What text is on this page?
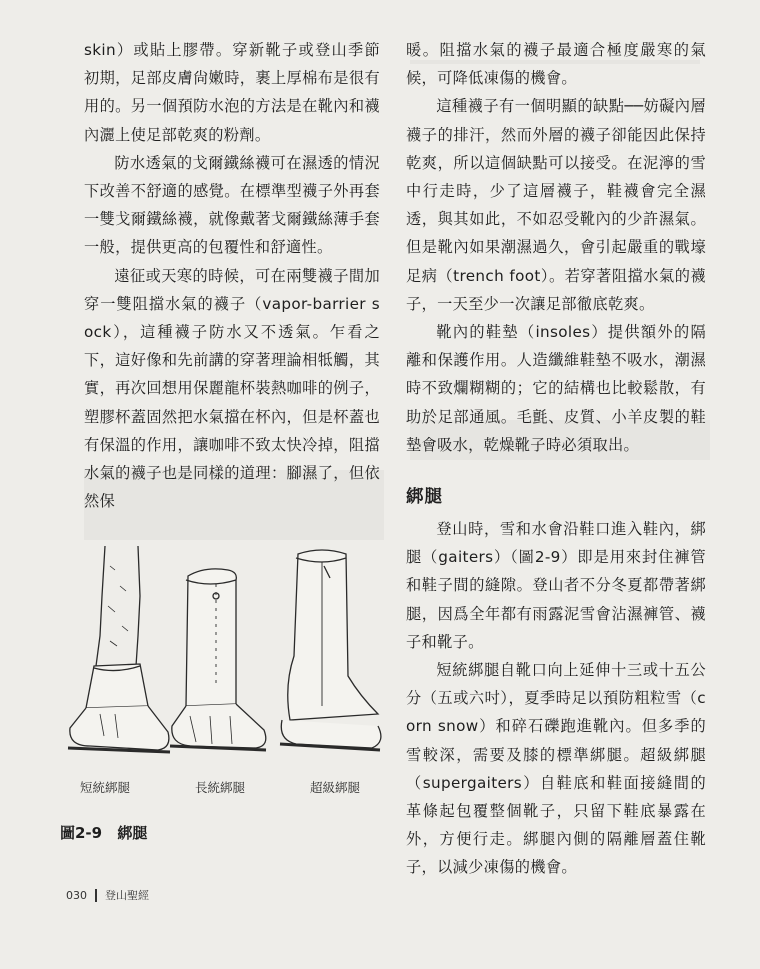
skin）或貼上膠帶。穿新靴子或登山季節初期，足部皮膚尙嫩時，裹上厚棉布是很有用的。另一個預防水泡的方法是在靴內和襪內灑上使足部乾爽的粉劑。

防水透氣的戈爾鐵絲襪可在濕透的情況下改善不舒適的感覺。在標準型襪子外再套一雙戈爾鐵絲襪，就像戴著戈爾鐵絲薄手套一般，提供更高的包覆性和舒適性。

遠征或天寒的時候，可在兩雙襪子間加穿一雙阻擋水氣的襪子（vapor-barrier sock），這種襪子防水又不透氣。乍看之下，這好像和先前講的穿著理論相牴觸，其實，再次回想用保麗龍杯裝熱咖啡的例子，塑膠杯蓋固然把水氣擋在杯內，但是杯蓋也有保溫的作用，讓咖啡不致太快冷掉，阻擋水氣的襪子也是同樣的道理：腳濕了，但依然保

暖。阻擋水氣的襪子最適合極度嚴寒的氣候，可降低凍傷的機會。

這種襪子有一個明顯的缺點──妨礙內層襪子的排汗，然而外層的襪子卻能因此保持乾爽，所以這個缺點可以接受。在泥濘的雪中行走時，少了這層襪子，鞋襪會完全濕透，與其如此，不如忍受靴內的少許濕氣。但是靴內如果潮濕過久，會引起嚴重的戰壕足病（trench foot）。若穿著阻擋水氣的襪子，一天至少一次讓足部徹底乾爽。

靴內的鞋墊（insoles）提供額外的隔離和保護作用。人造纖維鞋墊不吸水，潮濕時不致爛糊糊的；它的結構也比較鬆散，有助於足部通風。毛氈、皮質、小羊皮製的鞋墊會吸水，乾燥靴子時必須取出。

綁腿

登山時，雪和水會沿鞋口進入鞋內，綁腿（gaiters）（圖2-9）即是用來封住褲管和鞋子間的縫隙。登山者不分冬夏都帶著綁腿，因爲全年都有雨露泥雪會沾濕褲管、襪子和靴子。

短統綁腿自靴口向上延伸十三或十五公分（五或六吋），夏季時足以預防粗粒雪（corn snow）和碎石礫跑進靴內。但多季的雪較深，需要及膝的標準綁腿。超級綁腿（supergaiters）自鞋底和鞋面接縫間的革條起包覆整個靴子，只留下鞋底暴露在外，方便行走。綁腿內側的隔離層蓋住靴子，以減少凍傷的機會。

短統綁腿	長統綁腿	超級綁腿
圖2-9 綁腿
030 登山聖經
